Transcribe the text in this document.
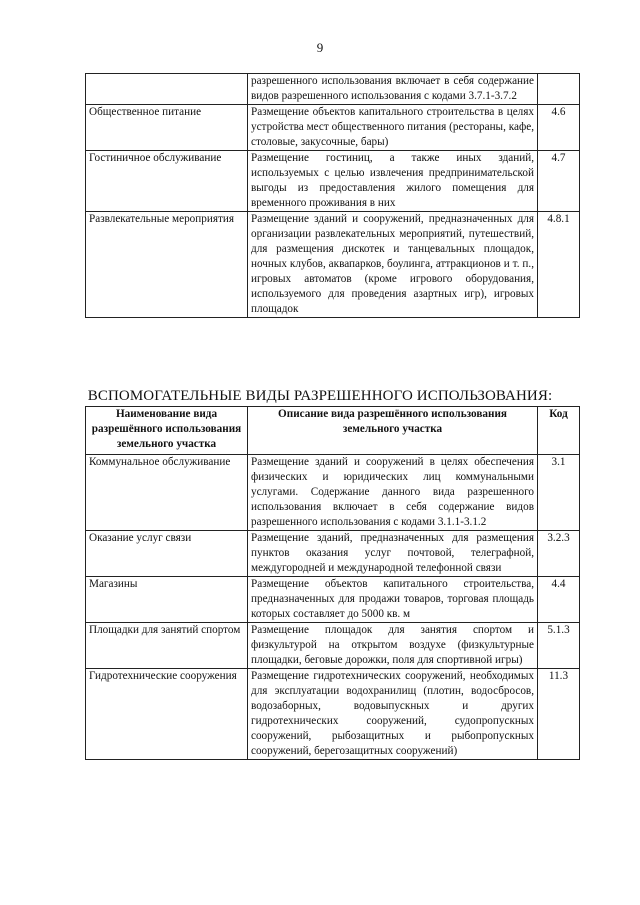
9
	разрешенного использования включает в себя содержание видов разрешенного использования с кодами 3.7.1-3.7.2	
Общественное питание	Размещение объектов капитального строительства в целях устройства мест общественного питания (рестораны, кафе, столовые, закусочные, бары)	4.6
Гостиничное обслуживание	Размещение гостиниц, а также иных зданий, используемых с целью извлечения предпринимательской выгоды из предоставления жилого помещения для временного проживания в них	4.7
Развлекательные мероприятия	Размещение зданий и сооружений, предназначенных для организации развлекательных мероприятий, путешествий, для размещения дискотек и танцевальных площадок, ночных клубов, аквапарков, боулинга, аттракционов и т. п., игровых автоматов (кроме игрового оборудования, используемого для проведения азартных игр), игровых площадок	4.8.1
ВСПОМОГАТЕЛЬНЫЕ ВИДЫ РАЗРЕШЕННОГО ИСПОЛЬЗОВАНИЯ:
Наименование вида разрешённого использования земельного участка	Описание вида разрешённого использования земельного участка	Код
Коммунальное обслуживание	Размещение зданий и сооружений в целях обеспечения физических и юридических лиц коммунальными услугами. Содержание данного вида разрешенного использования включает в себя содержание видов разрешенного использования с кодами 3.1.1-3.1.2	3.1
Оказание услуг связи	Размещение зданий, предназначенных для размещения пунктов оказания услуг почтовой, телеграфной, междугородней и международной телефонной связи	3.2.3
Магазины	Размещение объектов капитального строительства, предназначенных для продажи товаров, торговая площадь которых составляет до 5000 кв. м	4.4
Площадки для занятий спортом	Размещение площадок для занятия спортом и физкультурой на открытом воздухе (физкультурные площадки, беговые дорожки, поля для спортивной игры)	5.1.3
Гидротехнические сооружения	Размещение гидротехнических сооружений, необходимых для эксплуатации водохранилищ (плотин, водосбросов, водозаборных, водовыпускных и других гидротехнических сооружений, судопропускных сооружений, рыбозащитных и рыбопропускных сооружений, берегозащитных сооружений)	11.3
